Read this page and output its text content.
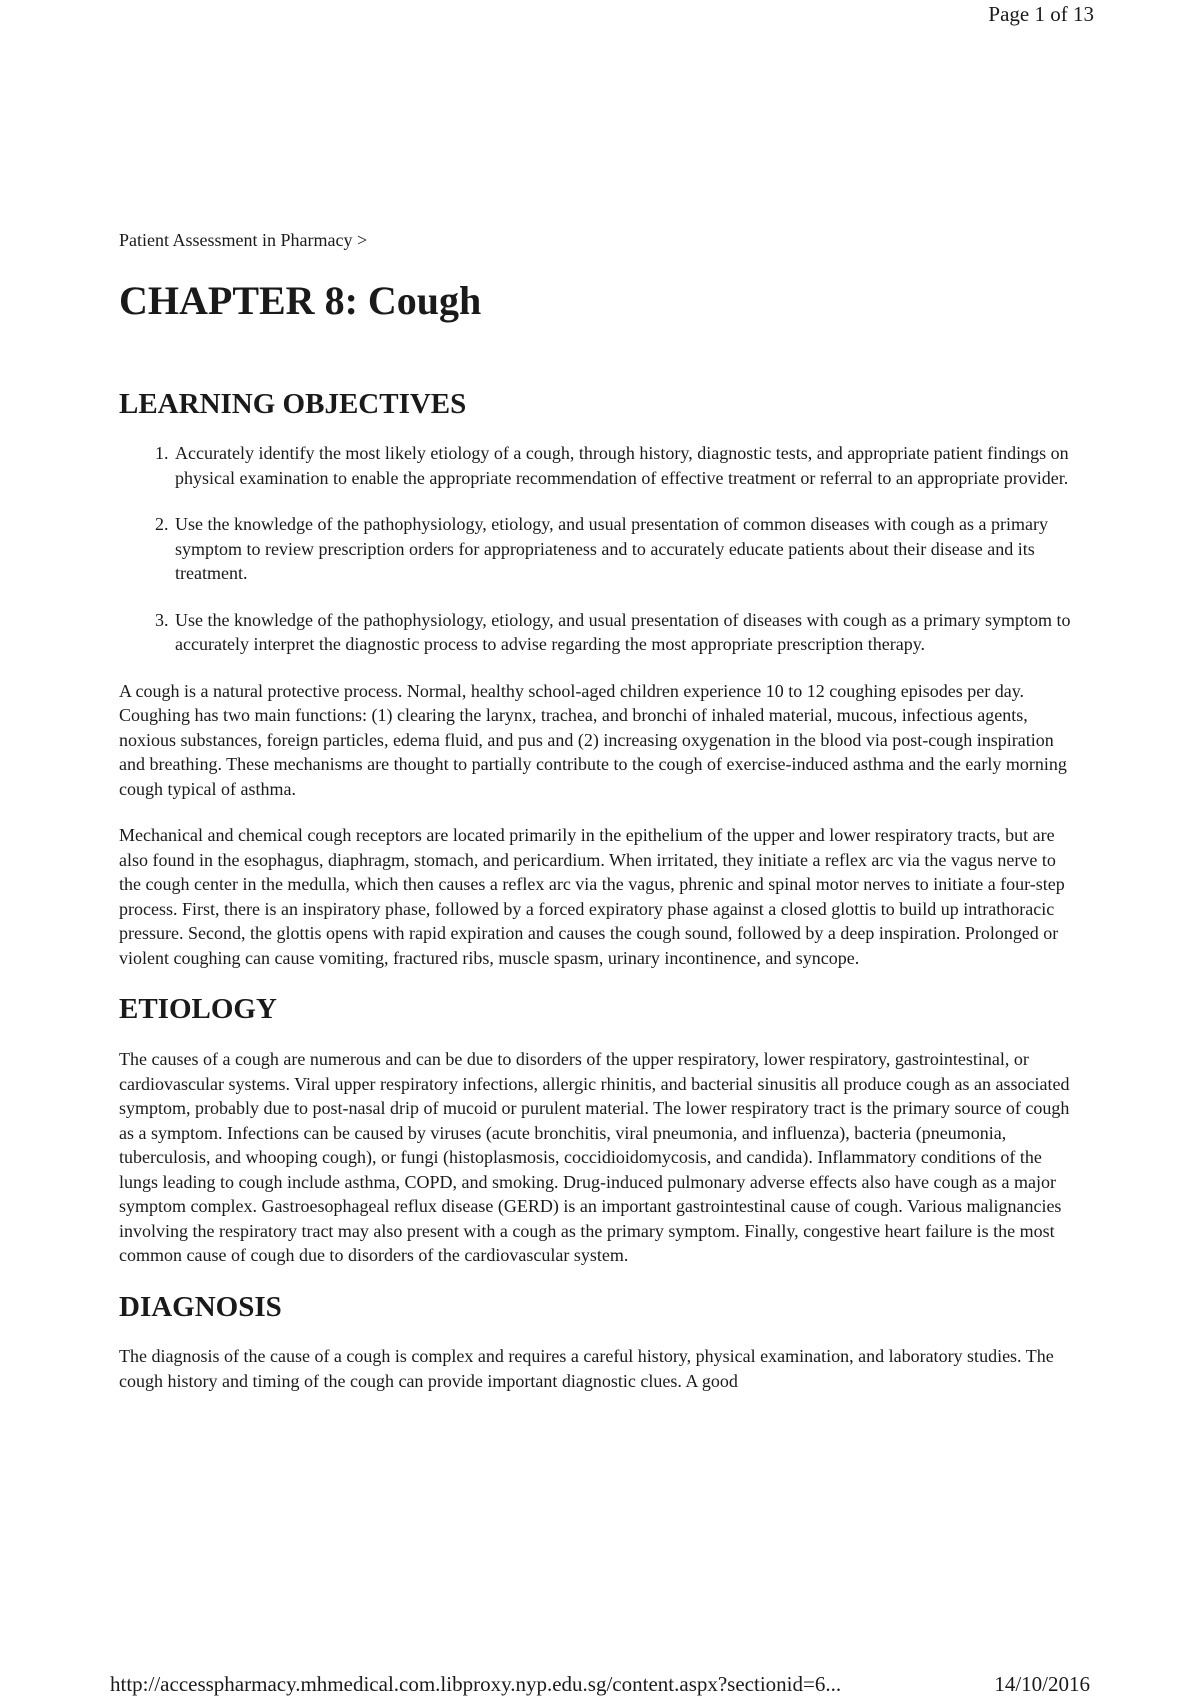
Page 1 of 13

Patient Assessment in Pharmacy >

CHAPTER 8: Cough
LEARNING OBJECTIVES
1. Accurately identify the most likely etiology of a cough, through history, diagnostic tests, and appropriate patient findings on physical examination to enable the appropriate recommendation of effective treatment or referral to an appropriate provider.
2. Use the knowledge of the pathophysiology, etiology, and usual presentation of common diseases with cough as a primary symptom to review prescription orders for appropriateness and to accurately educate patients about their disease and its treatment.
3. Use the knowledge of the pathophysiology, etiology, and usual presentation of diseases with cough as a primary symptom to accurately interpret the diagnostic process to advise regarding the most appropriate prescription therapy.

A cough is a natural protective process. Normal, healthy school-aged children experience 10 to 12 coughing episodes per day. Coughing has two main functions: (1) clearing the larynx, trachea, and bronchi of inhaled material, mucous, infectious agents, noxious substances, foreign particles, edema fluid, and pus and (2) increasing oxygenation in the blood via post-cough inspiration and breathing. These mechanisms are thought to partially contribute to the cough of exercise-induced asthma and the early morning cough typical of asthma.

Mechanical and chemical cough receptors are located primarily in the epithelium of the upper and lower respiratory tracts, but are also found in the esophagus, diaphragm, stomach, and pericardium. When irritated, they initiate a reflex arc via the vagus nerve to the cough center in the medulla, which then causes a reflex arc via the vagus, phrenic and spinal motor nerves to initiate a four-step process. First, there is an inspiratory phase, followed by a forced expiratory phase against a closed glottis to build up intrathoracic pressure. Second, the glottis opens with rapid expiration and causes the cough sound, followed by a deep inspiration. Prolonged or violent coughing can cause vomiting, fractured ribs, muscle spasm, urinary incontinence, and syncope.

ETIOLOGY

The causes of a cough are numerous and can be due to disorders of the upper respiratory, lower respiratory, gastrointestinal, or cardiovascular systems. Viral upper respiratory infections, allergic rhinitis, and bacterial sinusitis all produce cough as an associated symptom, probably due to post-nasal drip of mucoid or purulent material. The lower respiratory tract is the primary source of cough as a symptom. Infections can be caused by viruses (acute bronchitis, viral pneumonia, and influenza), bacteria (pneumonia, tuberculosis, and whooping cough), or fungi (histoplasmosis, coccidioidomycosis, and candida). Inflammatory conditions of the lungs leading to cough include asthma, COPD, and smoking. Drug-induced pulmonary adverse effects also have cough as a major symptom complex. Gastroesophageal reflux disease (GERD) is an important gastrointestinal cause of cough. Various malignancies involving the respiratory tract may also present with a cough as the primary symptom. Finally, congestive heart failure is the most common cause of cough due to disorders of the cardiovascular system.

DIAGNOSIS

The diagnosis of the cause of a cough is complex and requires a careful history, physical examination, and laboratory studies. The cough history and timing of the cough can provide important diagnostic clues. A good

http://accesspharmacy.mhmedical.com.libproxy.nyp.edu.sg/content.aspx?sectionid=6...	14/10/2016
